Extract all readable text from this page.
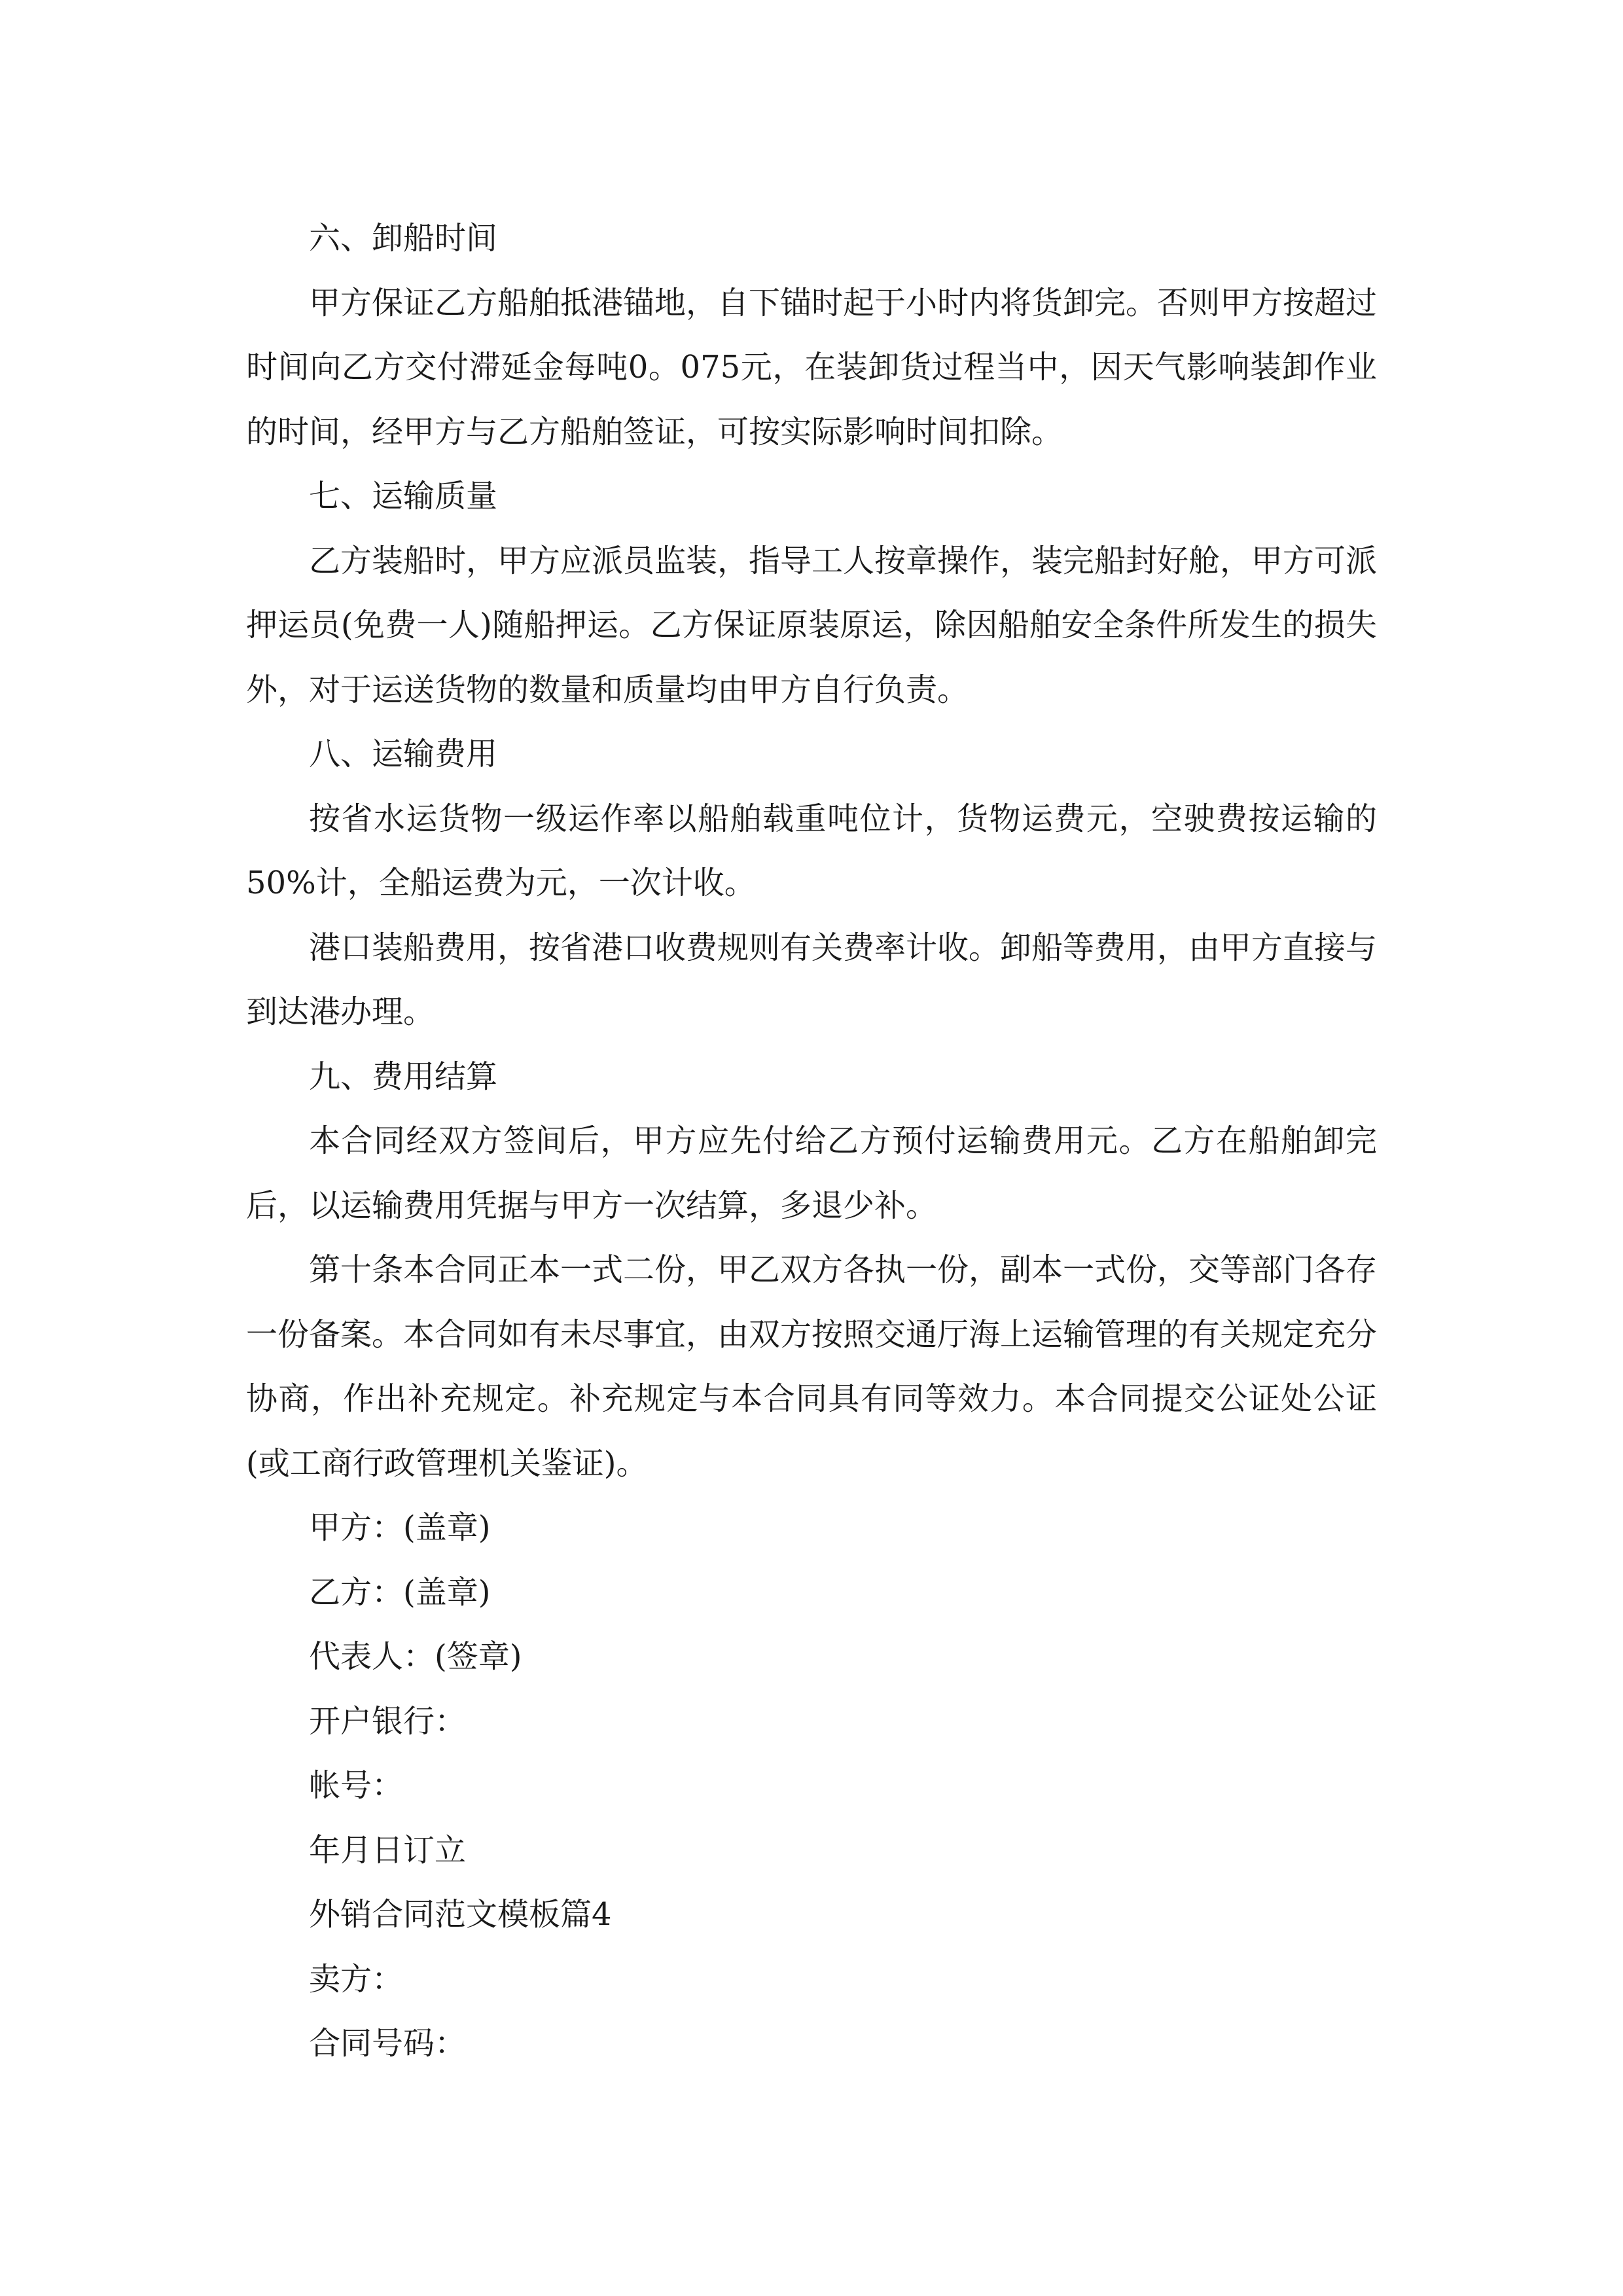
六、卸船时间

甲方保证乙方船舶抵港锚地，自下锚时起于小时内将货卸完。否则甲方按超过时间向乙方交付滞延金每吨0。075元，在装卸货过程当中，因天气影响装卸作业的时间，经甲方与乙方船舶签证，可按实际影响时间扣除。

七、运输质量

乙方装船时，甲方应派员监装，指导工人按章操作，装完船封好舱，甲方可派押运员(免费一人)随船押运。乙方保证原装原运，除因船舶安全条件所发生的损失外，对于运送货物的数量和质量均由甲方自行负责。

八、运输费用

按省水运货物一级运作率以船舶载重吨位计，货物运费元，空驶费按运输的50%计，全船运费为元，一次计收。

港口装船费用，按省港口收费规则有关费率计收。卸船等费用，由甲方直接与到达港办理。

九、费用结算

本合同经双方签间后，甲方应先付给乙方预付运输费用元。乙方在船舶卸完后，以运输费用凭据与甲方一次结算，多退少补。

第十条本合同正本一式二份，甲乙双方各执一份，副本一式份，交等部门各存一份备案。本合同如有未尽事宜，由双方按照交通厅海上运输管理的有关规定充分协商，作出补充规定。补充规定与本合同具有同等效力。本合同提交公证处公证(或工商行政管理机关鉴证)。

甲方：(盖章)

乙方：(盖章)

代表人：(签章)

开户银行：

帐号：

年月日订立

外销合同范文模板篇4

卖方：

合同号码：
